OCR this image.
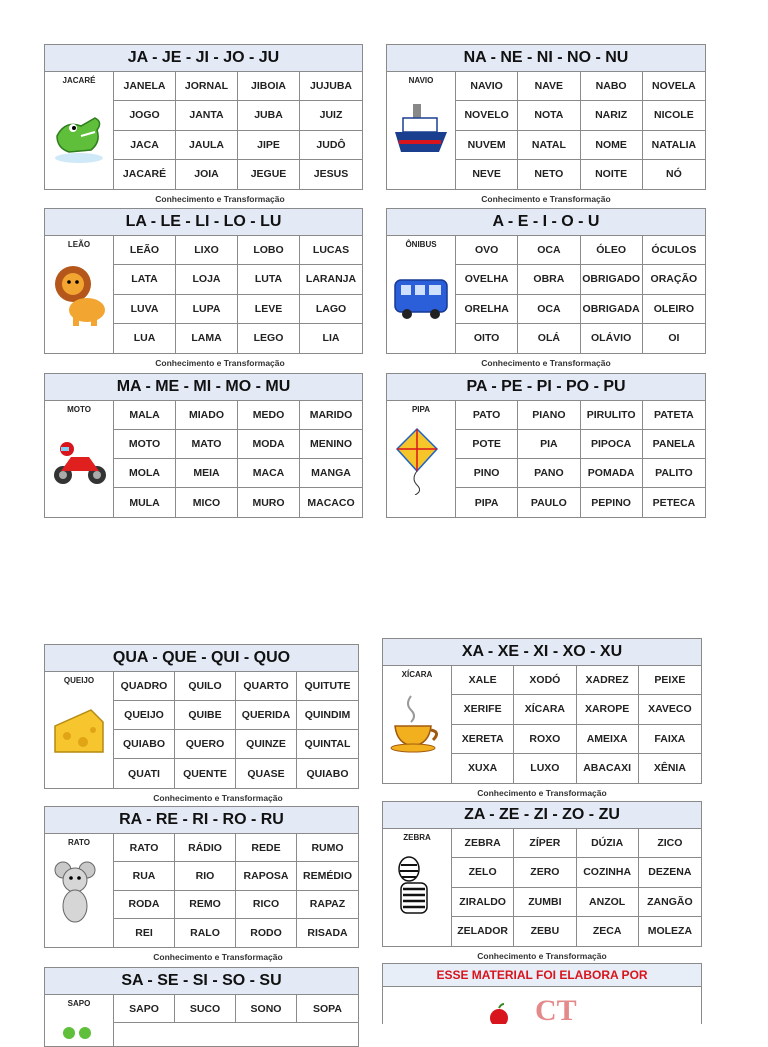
JA - JE - JI - JO - JU
JACARÉ	JANELA	JORNAL	JIBOIA	JUJUBA
JOGO	JANTA	JUBA	JUIZ
JACA	JAULA	JIPE	JUDÔ
JACARÉ	JOIA	JEGUE	JESUS
Conhecimento e Transformação
NA - NE - NI - NO - NU
NAVIO	NAVIO	NAVE	NABO	NOVELA
NOVELO	NOTA	NARIZ	NICOLE
NUVEM	NATAL	NOME	NATALIA
NEVE	NETO	NOITE	NÓ
Conhecimento e Transformação
LA - LE - LI - LO - LU
LEÃO	LEÃO	LIXO	LOBO	LUCAS
LATA	LOJA	LUTA	LARANJA
LUVA	LUPA	LEVE	LAGO
LUA	LAMA	LEGO	LIA
Conhecimento e Transformação
A - E - I - O - U
ÔNIBUS	OVO	OCA	ÓLEO	ÓCULOS
OVELHA	OBRA	OBRIGADO	ORAÇÃO
ORELHA	OCA	OBRIGADA	OLEIRO
OITO	OLÁ	OLÁVIO	OI
Conhecimento e Transformação
MA - ME - MI - MO - MU
MOTO	MALA	MIADO	MEDO	MARIDO
MOTO	MATO	MODA	MENINO
MOLA	MEIA	MACA	MANGA
MULA	MICO	MURO	MACACO
PA - PE - PI - PO - PU
PIPA	PATO	PIANO	PIRULITO	PATETA
POTE	PIA	PIPOCA	PANELA
PINO	PANO	POMADA	PALITO
PIPA	PAULO	PEPINO	PETECA
QUA - QUE - QUI - QUO
QUEIJO	QUADRO	QUILO	QUARTO	QUITUTE
QUEIJO	QUIBE	QUERIDA	QUINDIM
QUIABO	QUERO	QUINZE	QUINTAL
QUATI	QUENTE	QUASE	QUIABO
Conhecimento e Transformação
XA - XE - XI - XO - XU
XÍCARA	XALE	XODÓ	XADREZ	PEIXE
XERIFE	XÍCARA	XAROPE	XAVECO
XERETA	ROXO	AMEIXA	FAIXA
XUXA	LUXO	ABACAXI	XÊNIA
Conhecimento e Transformação
RA - RE - RI - RO - RU
RATO	RATO	RÁDIO	REDE	RUMO
RUA	RIO	RAPOSA	REMÉDIO
RODA	REMO	RICO	RAPAZ
REI	RALO	RODO	RISADA
Conhecimento e Transformação
ZA - ZE - ZI - ZO - ZU
ZEBRA	ZEBRA	ZÍPER	DÚZIA	ZICO
ZELO	ZERO	COZINHA	DEZENA
ZIRALDO	ZUMBI	ANZOL	ZANGÃO
ZELADOR	ZEBU	ZECA	MOLEZA
Conhecimento e Transformação
SA - SE - SI - SO - SU
SAPO	SAPO	SUCO	SONO	SOPA
ESSE MATERIAL FOI ELABORA POR
CT
